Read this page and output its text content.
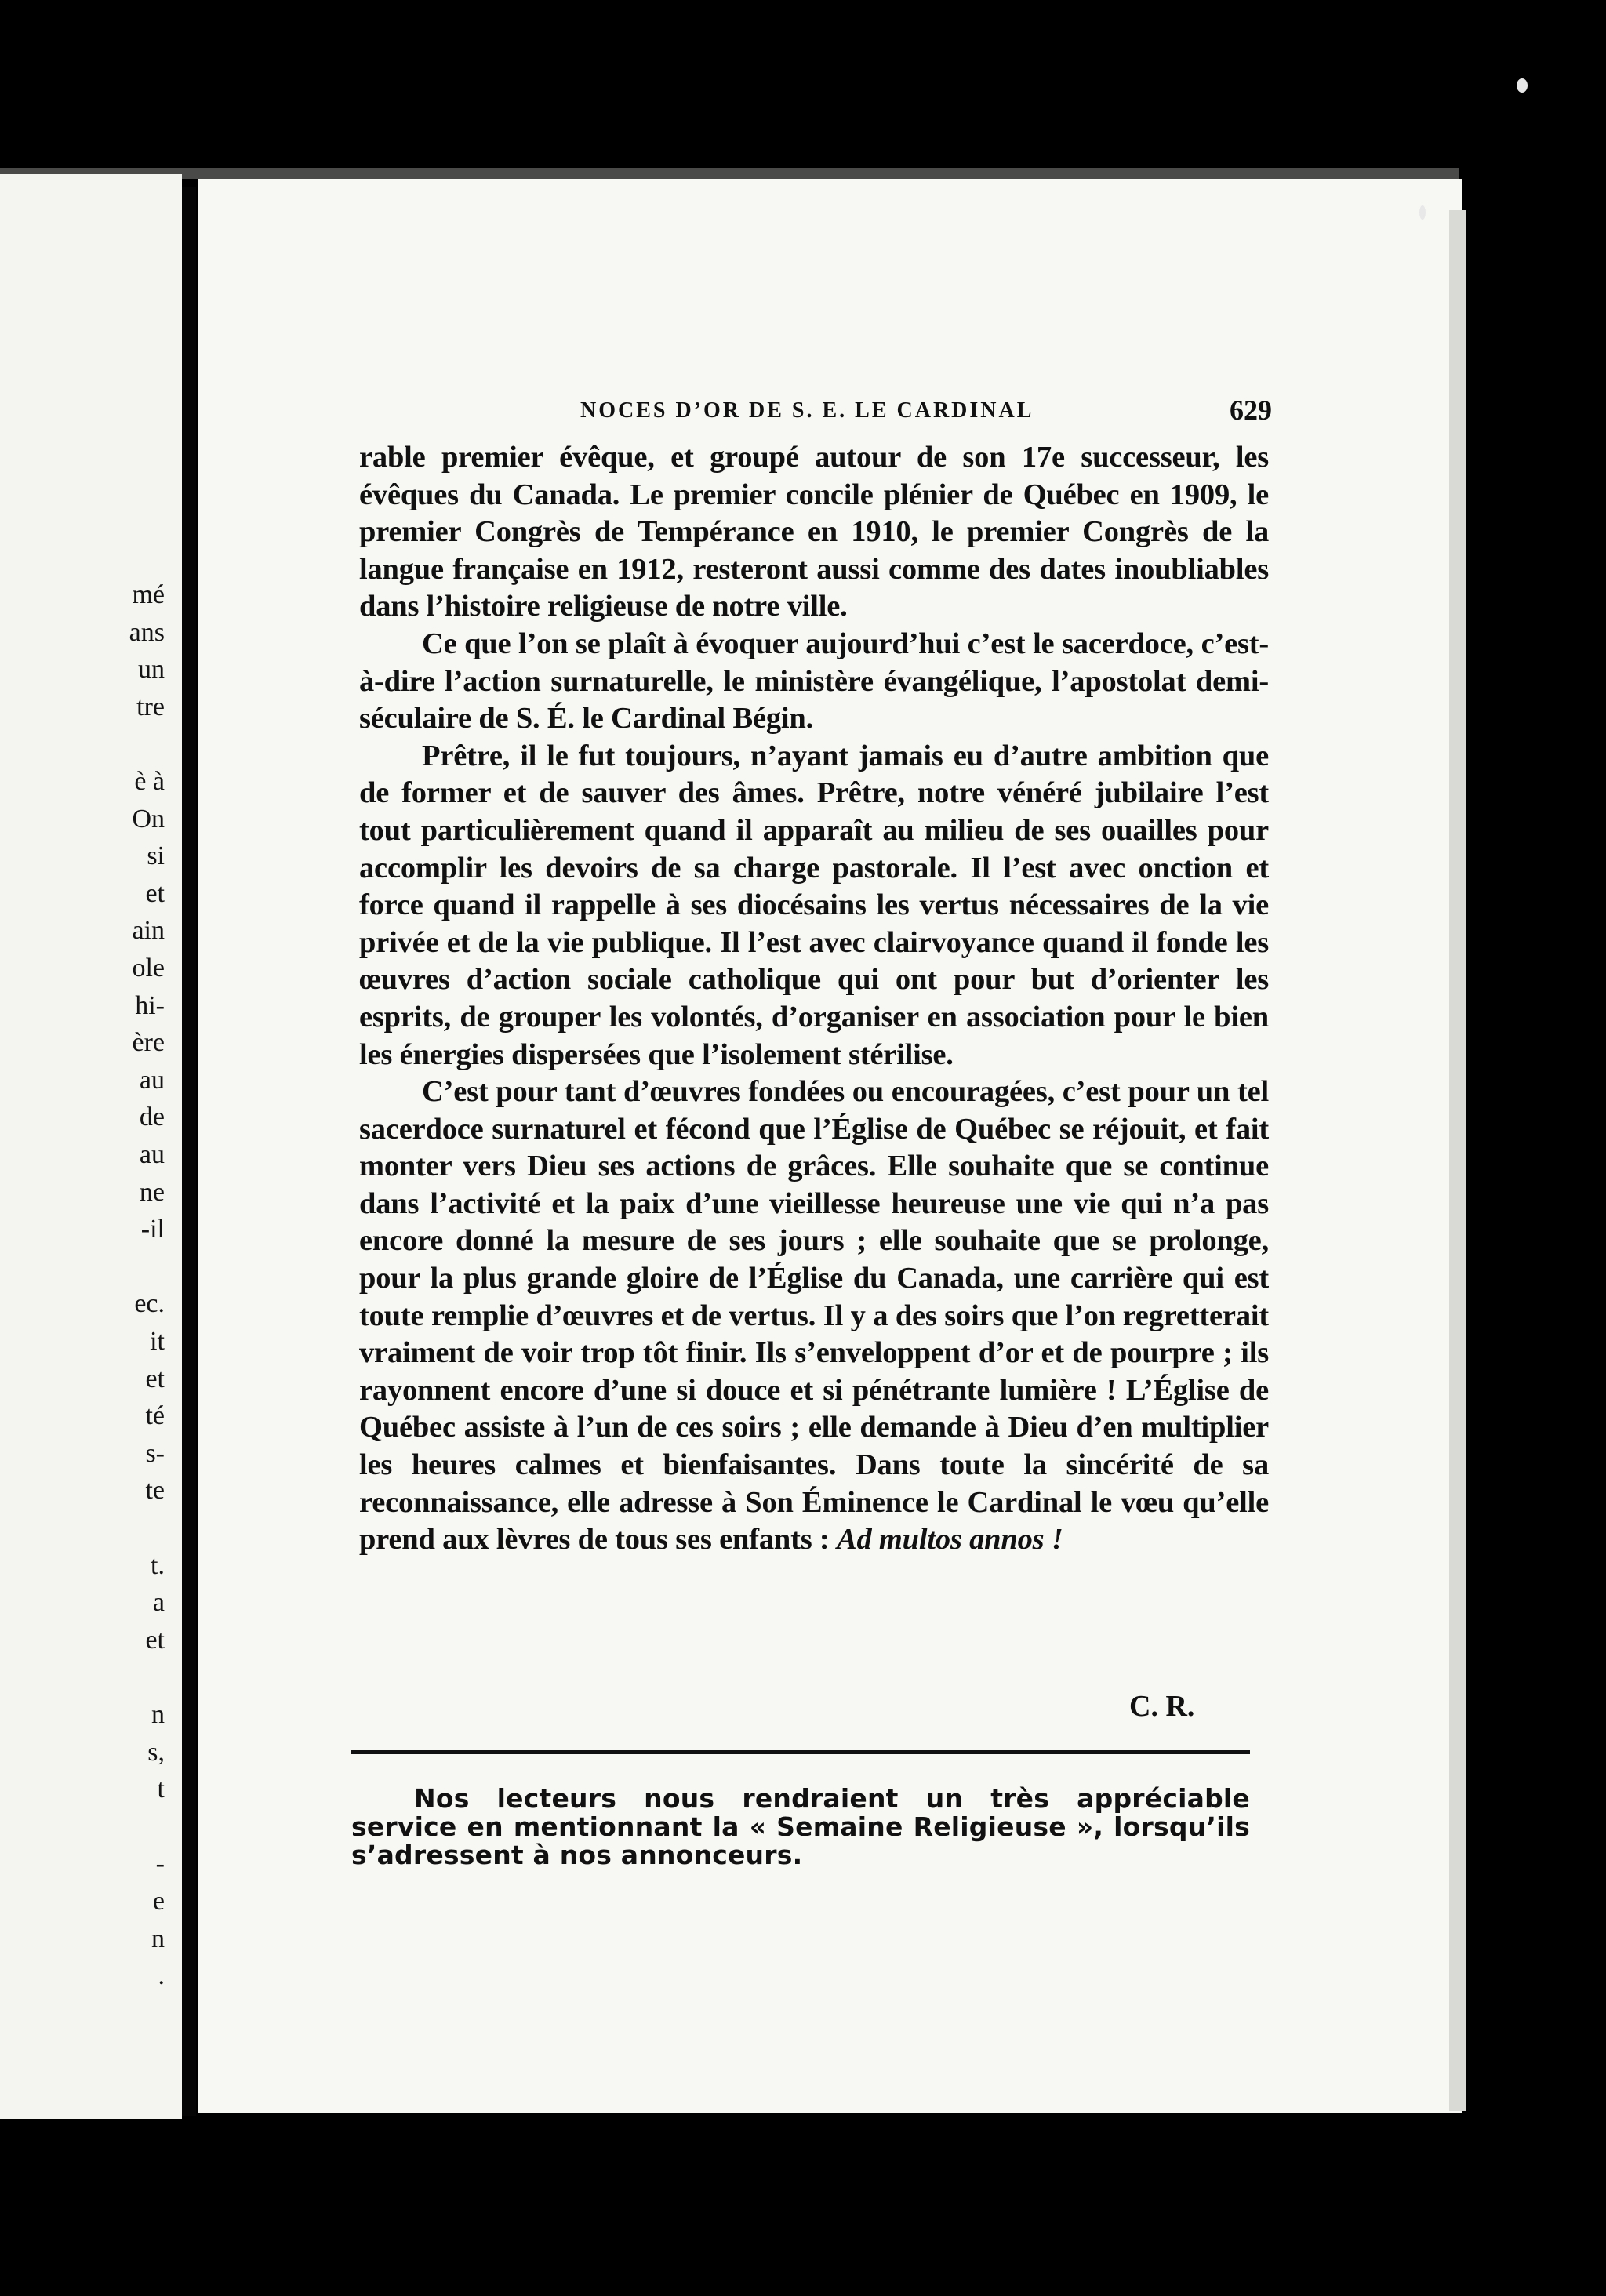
mé
ans
un
tre
è à
On
si
et
ain
ole
hi-
ère
au
de
au
ne
-il
ec.
it
et
té
s-
te
t.
a
et
n
s,
t
-
e
n
.
NOCES D’OR DE S. E. LE CARDINAL	629

rable premier évêque, et groupé autour de son 17e successeur, les évêques du Canada. Le premier concile plénier de Québec en 1909, le premier Congrès de Tempérance en 1910, le premier Congrès de la langue française en 1912, resteront aussi comme des dates inoubliables dans l’histoire religieuse de notre ville.

Ce que l’on se plaît à évoquer aujourd’hui c’est le sacerdoce, c’est-à-dire l’action surnaturelle, le ministère évangélique, l’apostolat demi-séculaire de S. É. le Cardinal Bégin.

Prêtre, il le fut toujours, n’ayant jamais eu d’autre ambition que de former et de sauver des âmes. Prêtre, notre vénéré jubilaire l’est tout particulièrement quand il apparaît au milieu de ses ouailles pour accomplir les devoirs de sa charge pastorale. Il l’est avec onction et force quand il rappelle à ses diocésains les vertus nécessaires de la vie privée et de la vie publique. Il l’est avec clairvoyance quand il fonde les œuvres d’action sociale catholique qui ont pour but d’orienter les esprits, de grouper les volontés, d’organiser en association pour le bien les énergies dispersées que l’isolement stérilise.

C’est pour tant d’œuvres fondées ou encouragées, c’est pour un tel sacerdoce surnaturel et fécond que l’Église de Québec se réjouit, et fait monter vers Dieu ses actions de grâces. Elle souhaite que se continue dans l’activité et la paix d’une vieillesse heureuse une vie qui n’a pas encore donné la mesure de ses jours ; elle souhaite que se prolonge, pour la plus grande gloire de l’Église du Canada, une carrière qui est toute remplie d’œuvres et de vertus. Il y a des soirs que l’on regretterait vraiment de voir trop tôt finir. Ils s’enveloppent d’or et de pourpre ; ils rayonnent encore d’une si douce et si pénétrante lumière ! L’Église de Québec assiste à l’un de ces soirs ; elle demande à Dieu d’en multiplier les heures calmes et bienfaisantes. Dans toute la sincérité de sa reconnaissance, elle adresse à Son Éminence le Cardinal le vœu qu’elle prend aux lèvres de tous ses enfants : Ad multos annos !

C. R.
Nos lecteurs nous rendraient un très appréciable service en mentionnant la « Semaine Religieuse », lorsqu’ils s’adressent à nos annonceurs.
